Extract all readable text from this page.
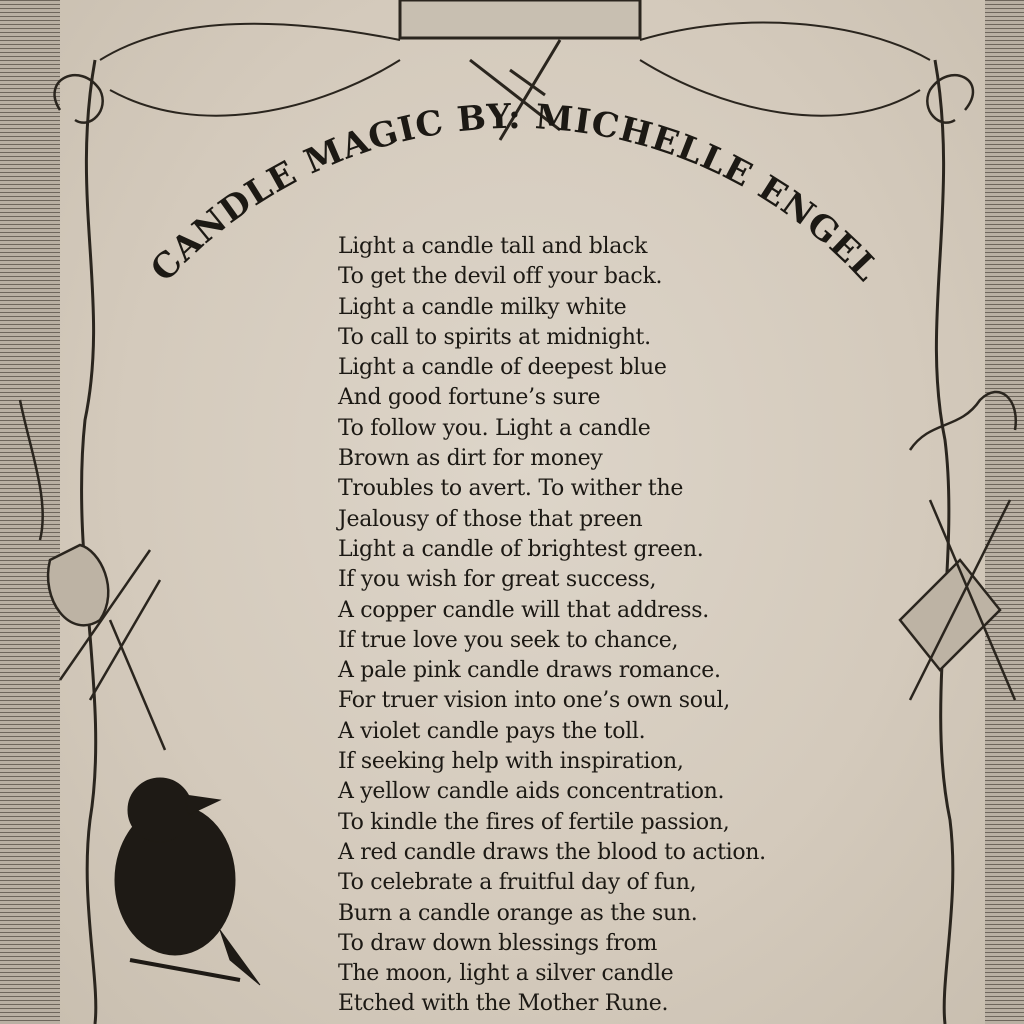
CANDLE MAGIC BY: MICHELLE ENGEL
Light a candle tall and black
To get the devil off your back.
Light a candle milky white
To call to spirits at midnight.
Light a candle of deepest blue
And good fortune’s sure
To follow you. Light a candle
Brown as dirt for money
Troubles to avert. To wither the
Jealousy of those that preen
Light a candle of brightest green.
If you wish for great success,
A copper candle will that address.
If true love you seek to chance,
A pale pink candle draws romance.
For truer vision into one’s own soul,
A violet candle pays the toll.
If seeking help with inspiration,
A yellow candle aids concentration.
To kindle the fires of fertile passion,
A red candle draws the blood to action.
To celebrate a fruitful day of fun,
Burn a candle orange as the sun.
To draw down blessings from
The moon, light a silver candle
Etched with the Mother Rune.
